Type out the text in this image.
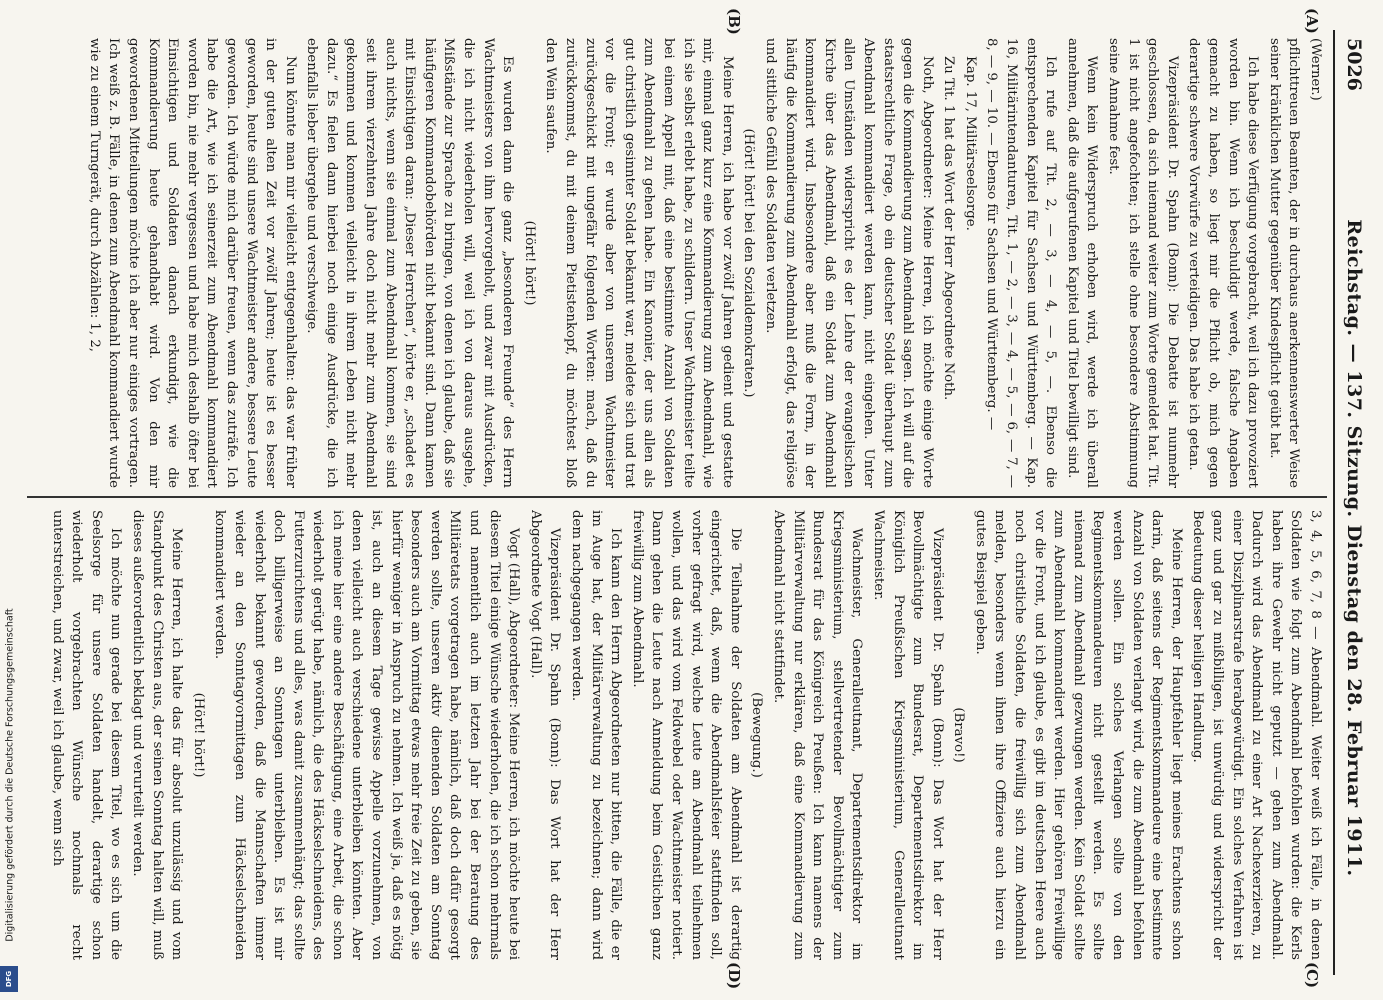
5026
Reichstag. — 137. Sitzung. Dienstag den 28. Februar 1911.
(A)
(B)
(C)
(D)

(Werner.)

pflichttreuen Beamten, der in durchaus anerkennenswerter Weise seiner kränklichen Mutter gegenüber Kindespflicht geübt hat.

Ich habe diese Verfügung vorgebracht, weil ich dazu provoziert worden bin. Wenn ich beschuldigt werde, falsche Angaben gemacht zu haben, so liegt mir die Pflicht ob, mich gegen derartige schwere Vorwürfe zu verteidigen. Das habe ich getan.

Vizepräsident Dr. Spahn (Bonn): Die Debatte ist nunmehr geschlossen, da sich niemand weiter zum Worte gemeldet hat. Tit. 1 ist nicht angefochten; ich stelle ohne besondere Abstimmung seine Annahme fest.

Wenn kein Widerspruch erhoben wird, werde ich überall annehmen, daß die aufgerufenen Kapitel und Titel bewilligt sind.

Ich rufe auf Tit. 2, — 3, — 4, — 5, —. Ebenso die entsprechenden Kapitel für Sachsen und Württemberg. — Kap. 16, Militärintendanturen, Tit. 1, — 2, — 3, — 4, — 5, — 6, — 7, — 8, — 9, — 10. — Ebenso für Sachsen und Württemberg. —

Kap. 17, Militärseelsorge.

Zu Tit. 1 hat das Wort der Herr Abgeordnete Noth.

Noth, Abgeordneter: Meine Herren, ich möchte einige Worte gegen die Kommandierung zum Abendmahl sagen. Ich will auf die staatsrechtliche Frage, ob ein deutscher Soldat überhaupt zum Abendmahl kommandiert werden kann, nicht eingehen. Unter allen Umständen widerspricht es der Lehre der evangelischen Kirche über das Abendmahl, daß ein Soldat zum Abendmahl kommandiert wird. Insbesondere aber muß die Form, in der häufig die Kommandierung zum Abendmahl erfolgt, das religiöse und sittliche Gefühl des Soldaten verletzen.

(Hört! hört! bei den Sozialdemokraten.)

Meine Herren, ich habe vor zwölf Jahren gedient und gestatte mir, einmal ganz kurz eine Kommandierung zum Abendmahl, wie ich sie selbst erlebt habe, zu schildern. Unser Wachtmeister teilte bei einem Appell mit, daß eine bestimmte Anzahl von Soldaten zum Abendmahl zu gehen habe. Ein Kanonier, der uns allen als gut christlich gesinnter Soldat bekannt war, meldete sich und trat vor die Front; er wurde aber von unserem Wachtmeister zurückgeschickt mit ungefähr folgenden Worten: mach, daß du zurückkommst, du mit deinem Pietistenkopf, du möchtest bloß den Wein saufen.

(Hört! hört!)

Es wurden dann die ganz „besonderen Freunde“ des Herrn Wachtmeisters von ihm hervorgeholt, und zwar mit Ausdrücken, die ich nicht wiederholen will, weil ich von daraus ausgehe, Mißstände zur Sprache zu bringen, von denen ich glaube, daß sie häufigeren Kommandobehörden nicht bekannt sind. Dann kamen mit Einsichtigen daran: „Dieser Herrchen“, hörte er, „schadet es auch nichts, wenn sie einmal zum Abendmahl kommen, sie sind seit ihrem vierzehnten Jahre doch nicht mehr zum Abendmahl gekommen und kommen vielleicht in ihrem Leben nicht mehr dazu.“ Es fielen dann hierbei noch einige Ausdrücke, die ich ebenfalls lieber übergehe und verschweige.

Nun könnte man mir vielleicht entgegenhalten: das war früher in der guten alten Zeit vor zwölf Jahren; heute ist es besser geworden, heute sind unsere Wachtmeister andere, bessere Leute geworden. Ich würde mich darüber freuen, wenn das zuträfe. Ich habe die Art, wie ich seinerzeit zum Abendmahl kommandiert worden bin, nie mehr vergessen und habe mich deshalb öfter bei Einsichtigen und Soldaten danach erkundigt, wie die Kommandierung heute gehandhabt wird. Von den mir gewordenen Mitteilungen möchte ich aber nur einiges vortragen. Ich weiß z. B. Fälle, in denen zum Abendmahl kommandiert wurde wie zu einem Turngerät, durch Abzählen: 1, 2,

3, 4, 5, 6, 7, 8 — Abendmahl. Weiter weiß ich Fälle, in denen Soldaten wie folgt zum Abendmahl befohlen wurden: die Kerls haben ihre Gewehr nicht geputzt — gehen zum Abendmahl. Dadurch wird das Abendmahl zu einer Art Nachexerzieren, zu einer Disziplinarstrafe herabgewürdigt. Ein solches Verfahren ist ganz und gar zu mißbilligen, ist unwürdig und widerspricht der Bedeutung dieser heiligen Handlung.

Meine Herren, der Hauptfehler liegt meines Erachtens schon darin, daß seitens der Regimentskommandeure eine bestimmte Anzahl von Soldaten verlangt wird, die zum Abendmahl befohlen werden sollen. Ein solches Verlangen sollte von den Regimentskommandeuren nicht gestellt werden. Es sollte niemand zum Abendmahl gezwungen werden. Kein Soldat sollte zum Abendmahl kommandiert werden. Hier gehören Freiwillige vor die Front, und ich glaube, es gibt im deutschen Heere auch noch christliche Soldaten, die freiwillig sich zum Abendmahl melden, besonders wenn ihnen ihre Offiziere auch hierzu ein gutes Beispiel geben.

(Bravo!)

Vizepräsident Dr. Spahn (Bonn): Das Wort hat der Herr Bevollmächtigte zum Bundesrat, Departementsdirektor im Königlich Preußischen Kriegsministerium, Generalleutnant Wachmeister.

Wachmeister, Generalleutnant, Departementsdirektor im Kriegsministerium, stellvertretender Bevollmächtigter zum Bundesrat für das Königreich Preußen: Ich kann namens der Militärverwaltung nur erklären, daß eine Kommandierung zum Abendmahl nicht stattfindet.

(Bewegung.)

Die Teilnahme der Soldaten am Abendmahl ist derartig eingerichtet, daß, wenn die Abendmahlsfeier stattfinden soll, vorher gefragt wird, welche Leute am Abendmahl teilnehmen wollen, und das wird vom Feldwebel oder Wachtmeister notiert. Dann gehen die Leute nach Anmeldung beim Geistlichen ganz freiwillig zum Abendmahl.

Ich kann den Herrn Abgeordneten nur bitten, die Fälle, die er im Auge hat, der Militärverwaltung zu bezeichnen; dann wird dem nachgegangen werden.

Vizepräsident Dr. Spahn (Bonn): Das Wort hat der Herr Abgeordnete Vogt (Hall).

Vogt (Hall), Abgeordneter: Meine Herren, ich möchte heute bei diesem Titel einige Wünsche wiederholen, die ich schon mehrmals und namentlich auch im letzten Jahr bei der Beratung des Militäretats vorgetragen habe, nämlich, daß doch dafür gesorgt werden sollte, unseren aktiv dienenden Soldaten am Sonntag besonders auch am Vormittag etwas mehr freie Zeit zu geben, sie hierfür weniger in Anspruch zu nehmen. Ich weiß ja, daß es nötig ist, auch an diesem Tage gewisse Appelle vorzunehmen, von denen vielleicht auch verschiedene unterbleiben könnten. Aber ich meine hier eine andere Beschäftigung, eine Arbeit, die schon wiederholt gerügt habe, nämlich, die des Häckselschneidens, des Futterzurichtens und alles, was damit zusammenhängt; das sollte doch billigerweise an Sonntagen unterbleiben. Es ist mir wiederholt bekannt geworden, daß die Mannschaften immer wieder an den Sonntagvormittagen zum Häckselschneiden kommandiert werden.

(Hört! hört!)

Meine Herren, ich halte das für absolut unzulässig und vom Standpunkt des Christen aus, der seinen Sonntag halten will, muß dieses außerordentlich beklagt und verurteilt werden.

Ich möchte nun gerade bei diesem Titel, wo es sich um die Seelsorge für unsere Soldaten handelt, derartige schon wiederholt vorgebrachten Wünsche nochmals recht unterstreichen, und zwar, weil ich glaube, wenn sich

Digitalisierung gefördert durch die Deutsche Forschungsgemeinschaft
DFG
